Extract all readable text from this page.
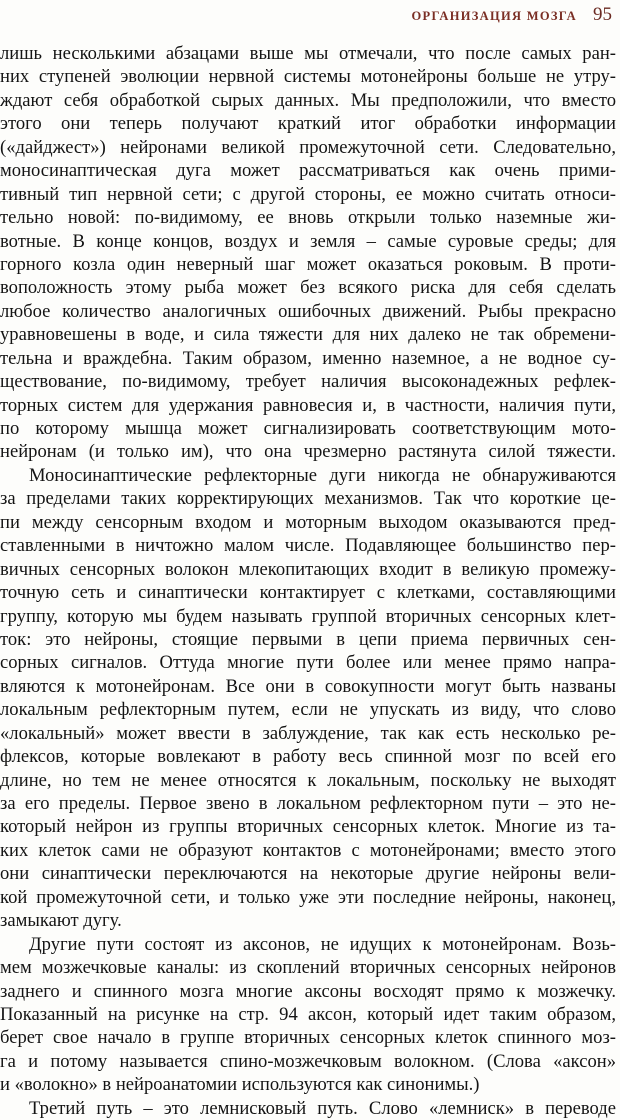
ОРГАНИЗАЦИЯ МОЗГА 95
лишь несколькими абзацами выше мы отмечали, что после самых ран-
них ступеней эволюции нервной системы мотонейроны больше не утру-
ждают себя обработкой сырых данных. Мы предположили, что вместо
этого они теперь получают краткий итог обработки информации
(«дайджест») нейронами великой промежуточной сети. Следовательно,
моносинаптическая дуга может рассматриваться как очень прими-
тивный тип нервной сети; с другой стороны, ее можно считать относи-
тельно новой: по-видимому, ее вновь открыли только наземные жи-
вотные. В конце концов, воздух и земля – самые суровые среды; для
горного козла один неверный шаг может оказаться роковым. В проти-
воположность этому рыба может без всякого риска для себя сделать
любое количество аналогичных ошибочных движений. Рыбы прекрасно
уравновешены в воде, и сила тяжести для них далеко не так обремени-
тельна и враждебна. Таким образом, именно наземное, а не водное су-
ществование, по-видимому, требует наличия высоконадежных рефлек-
торных систем для удержания равновесия и, в частности, наличия пути,
по которому мышца может сигнализировать соответствующим мото-
нейронам (и только им), что она чрезмерно растянута силой тяжести.
Моносинаптические рефлекторные дуги никогда не обнаруживаются
за пределами таких корректирующих механизмов. Так что короткие це-
пи между сенсорным входом и моторным выходом оказываются пред-
ставленными в ничтожно малом числе. Подавляющее большинство пер-
вичных сенсорных волокон млекопитающих входит в великую промежу-
точную сеть и синаптически контактирует с клетками, составляющими
группу, которую мы будем называть группой вторичных сенсорных клет-
ток: это нейроны, стоящие первыми в цепи приема первичных сен-
сорных сигналов. Оттуда многие пути более или менее прямо напра-
вляются к мотонейронам. Все они в совокупности могут быть названы
локальным рефлекторным путем, если не упускать из виду, что слово
«локальный» может ввести в заблуждение, так как есть несколько ре-
флексов, которые вовлекают в работу весь спинной мозг по всей его
длине, но тем не менее относятся к локальным, поскольку не выходят
за его пределы. Первое звено в локальном рефлекторном пути – это не-
который нейрон из группы вторичных сенсорных клеток. Многие из та-
ких клеток сами не образуют контактов с мотонейронами; вместо этого
они синаптически переключаются на некоторые другие нейроны вели-
кой промежуточной сети, и только уже эти последние нейроны, наконец,
замыкают дугу.
Другие пути состоят из аксонов, не идущих к мотонейронам. Возь-
мем мозжечковые каналы: из скоплений вторичных сенсорных нейронов
заднего и спинного мозга многие аксоны восходят прямо к мозжечку.
Показанный на рисунке на стр. 94 аксон, который идет таким образом,
берет свое начало в группе вторичных сенсорных клеток спинного моз-
га и потому называется спино-мозжечковым волокном. (Слова «аксон»
и «волокно» в нейроанатомии используются как синонимы.)
Третий путь – это лемнисковый путь. Слово «лемниск» в переводе
